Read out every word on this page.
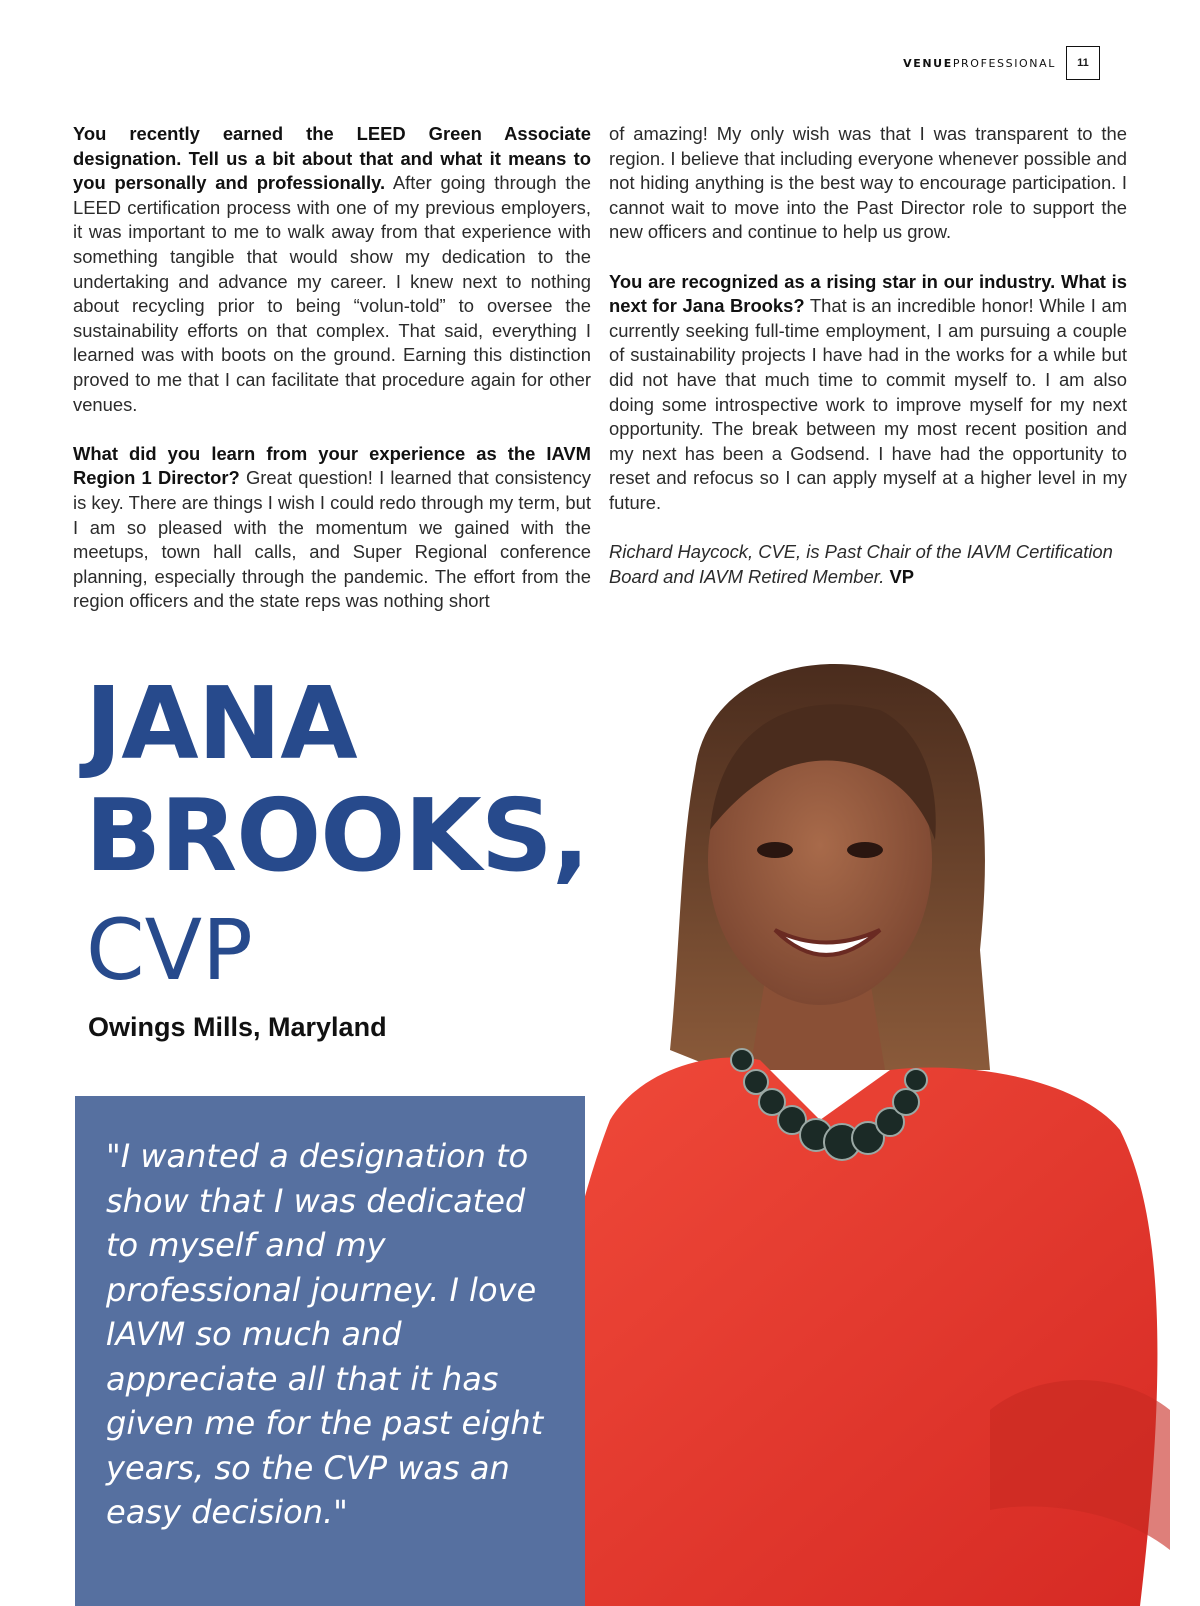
VENUEPROFESSIONAL	11

You recently earned the LEED Green Associate designation. Tell us a bit about that and what it means to you personally and professionally. After going through the LEED certification process with one of my previous employers, it was important to me to walk away from that experience with something tangible that would show my dedication to the undertaking and advance my career. I knew next to nothing about recycling prior to being “volun-told” to oversee the sustainability efforts on that complex. That said, everything I learned was with boots on the ground. Earning this distinction proved to me that I can facilitate that procedure again for other venues.

What did you learn from your experience as the IAVM Region 1 Director? Great question! I learned that consistency is key. There are things I wish I could redo through my term, but I am so pleased with the momentum we gained with the meetups, town hall calls, and Super Regional conference planning, especially through the pandemic. The effort from the region officers and the state reps was nothing short

of amazing! My only wish was that I was transparent to the region. I believe that including everyone whenever possible and not hiding anything is the best way to encourage participation. I cannot wait to move into the Past Director role to support the new officers and continue to help us grow.

You are recognized as a rising star in our industry. What is next for Jana Brooks? That is an incredible honor! While I am currently seeking full-time employment, I am pursuing a couple of sustainability projects I have had in the works for a while but did not have that much time to commit myself to. I am also doing some introspective work to improve myself for my next opportunity. The break between my most recent position and my next has been a Godsend. I have had the opportunity to reset and refocus so I can apply myself at a higher level in my future.

Richard Haycock, CVE, is Past Chair of the IAVM Certification Board and IAVM Retired Member. VP

JANA
BROOKS,
CVP
Owings Mills, Maryland
"I wanted a designation to show that I was dedicated to myself and my professional journey. I love IAVM so much and appreciate all that it has given me for the past eight years, so the CVP was an easy decision."
